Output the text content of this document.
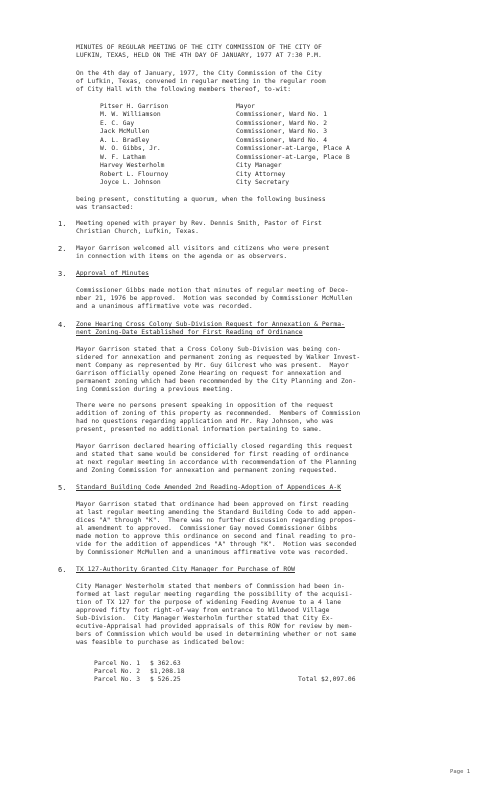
MINUTES OF REGULAR MEETING OF THE CITY COMMISSION OF THE CITY OF
LUFKIN, TEXAS, HELD ON THE 4TH DAY OF JANUARY, 1977 AT 7:30 P.M.
On the 4th day of January, 1977, the City Commission of the City
of Lufkin, Texas, convened in regular meeting in the regular room
of City Hall with the following members thereof, to-wit:
Pitser H. Garrison	Mayor
M. W. Williamson	Commissioner, Ward No. 1
E. C. Gay	Commissioner, Ward No. 2
Jack McMullen	Commissioner, Ward No. 3
A. L. Bradley	Commissioner, Ward No. 4
W. O. Gibbs, Jr.	Commissioner-at-Large, Place A
W. F. Latham	Commissioner-at-Large, Place B
Harvey Westerholm	City Manager
Robert L. Flournoy	City Attorney
Joyce L. Johnson	City Secretary
being present, constituting a quorum, when the following business
was transacted:
1. Meeting opened with prayer by Rev. Dennis Smith, Pastor of First
Christian Church, Lufkin, Texas.
2. Mayor Garrison welcomed all visitors and citizens who were present
in connection with items on the agenda or as observers.
3. Approval of Minutes
Commissioner Gibbs made motion that minutes of regular meeting of Dece-
mber 21, 1976 be approved.  Motion was seconded by Commissioner McMullen
and a unanimous affirmative vote was recorded.
4. Zone Hearing Cross Colony Sub-Division Request for Annexation & Perma-
nent Zoning-Date Established for First Reading of Ordinance
Mayor Garrison stated that a Cross Colony Sub-Division was being con-
sidered for annexation and permanent zoning as requested by Walker Invest-
ment Company as represented by Mr. Guy Gilcrest who was present.  Mayor
Garrison officially opened Zone Hearing on request for annexation and
permanent zoning which had been recommended by the City Planning and Zon-
ing Commission during a previous meeting.
There were no persons present speaking in opposition of the request
addition of zoning of this property as recommended.  Members of Commission
had no questions regarding application and Mr. Ray Johnson, who was
present, presented no additional information pertaining to same.
Mayor Garrison declared hearing officially closed regarding this request
and stated that same would be considered for first reading of ordinance
at next regular meeting in accordance with recommendation of the Planning
and Zoning Commission for annexation and permanent zoning requested.
5. Standard Building Code Amended 2nd Reading-Adoption of Appendices A-K
Mayor Garrison stated that ordinance had been approved on first reading
at last regular meeting amending the Standard Building Code to add appen-
dices "A" through "K".  There was no further discussion regarding propos-
al amendment to approved.  Commissioner Gay moved Commissioner Gibbs
made motion to approve this ordinance on second and final reading to pro-
vide for the addition of appendices "A" through "K".  Motion was seconded
by Commissioner McMullen and a unanimous affirmative vote was recorded.
6. TX 127-Authority Granted City Manager for Purchase of ROW
City Manager Westerholm stated that members of Commission had been in-
formed at last regular meeting regarding the possibility of the acquisi-
tion of TX 127 for the purpose of widening Feeding Avenue to a 4 lane
approved fifty foot right-of-way from entrance to Wildwood Village
Sub-Division.  City Manager Westerholm further stated that City Ex-
ecutive-Appraisal had provided appraisals of this ROW for review by mem-
bers of Commission which would be used in determining whether or not same
was feasible to purchase as indicated below:
Parcel No. 1 $ 362.63
Parcel No. 2 $1,208.18
Parcel No. 3 $ 526.25	Total $2,097.06
Page 1
